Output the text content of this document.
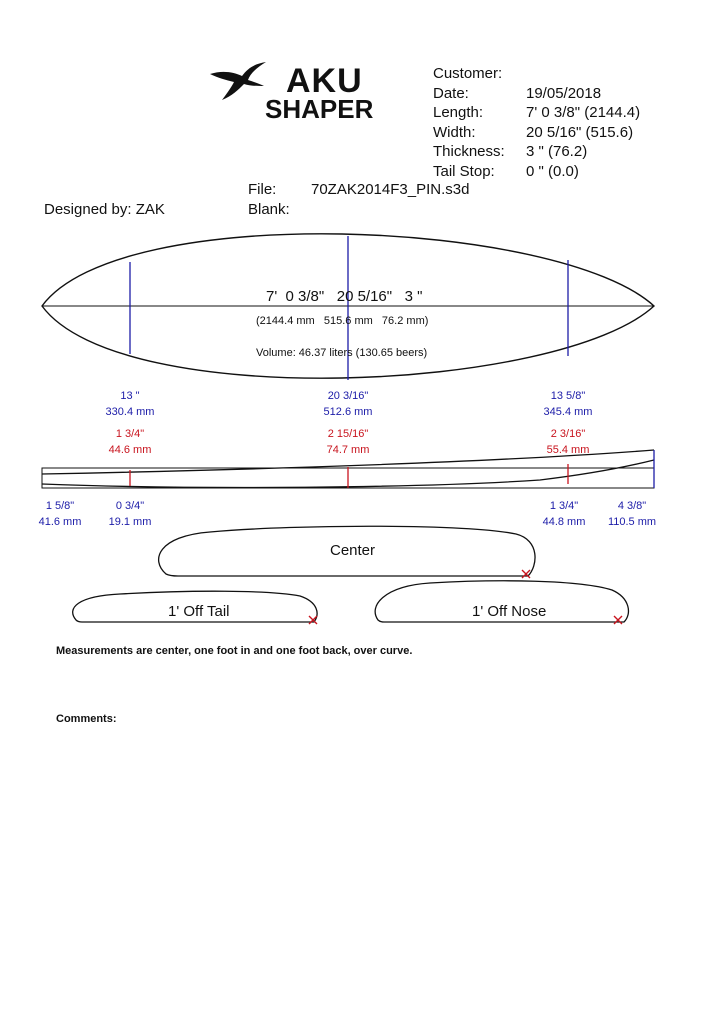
AKU
SHAPER
Customer:
Date:
Length:
Width:
Thickness:
Tail Stop:

19/05/2018
7' 0 3/8" (2144.4)
20 5/16" (515.6)
3 " (76.2)
0 " (0.0)
File: 70ZAK2014F3_PIN.s3d
Blank:
Designed by: ZAK
7'  0 3/8"   20 5/16"   3 "
(2144.4 mm   515.6 mm   76.2 mm)
Volume: 46.37 liters (130.65 beers)
13 "
330.4 mm
20 3/16"
512.6 mm
13 5/8"
345.4 mm
1 3/4"
44.6 mm
2 15/16"
74.7 mm
2 3/16"
55.4 mm
1 5/8"
41.6 mm
0 3/4"
19.1 mm
1 3/4"
44.8 mm
4 3/8"
110.5 mm
Center
1' Off Tail	1' Off Nose
Measurements are center, one foot in and one foot back, over curve.
Comments:
